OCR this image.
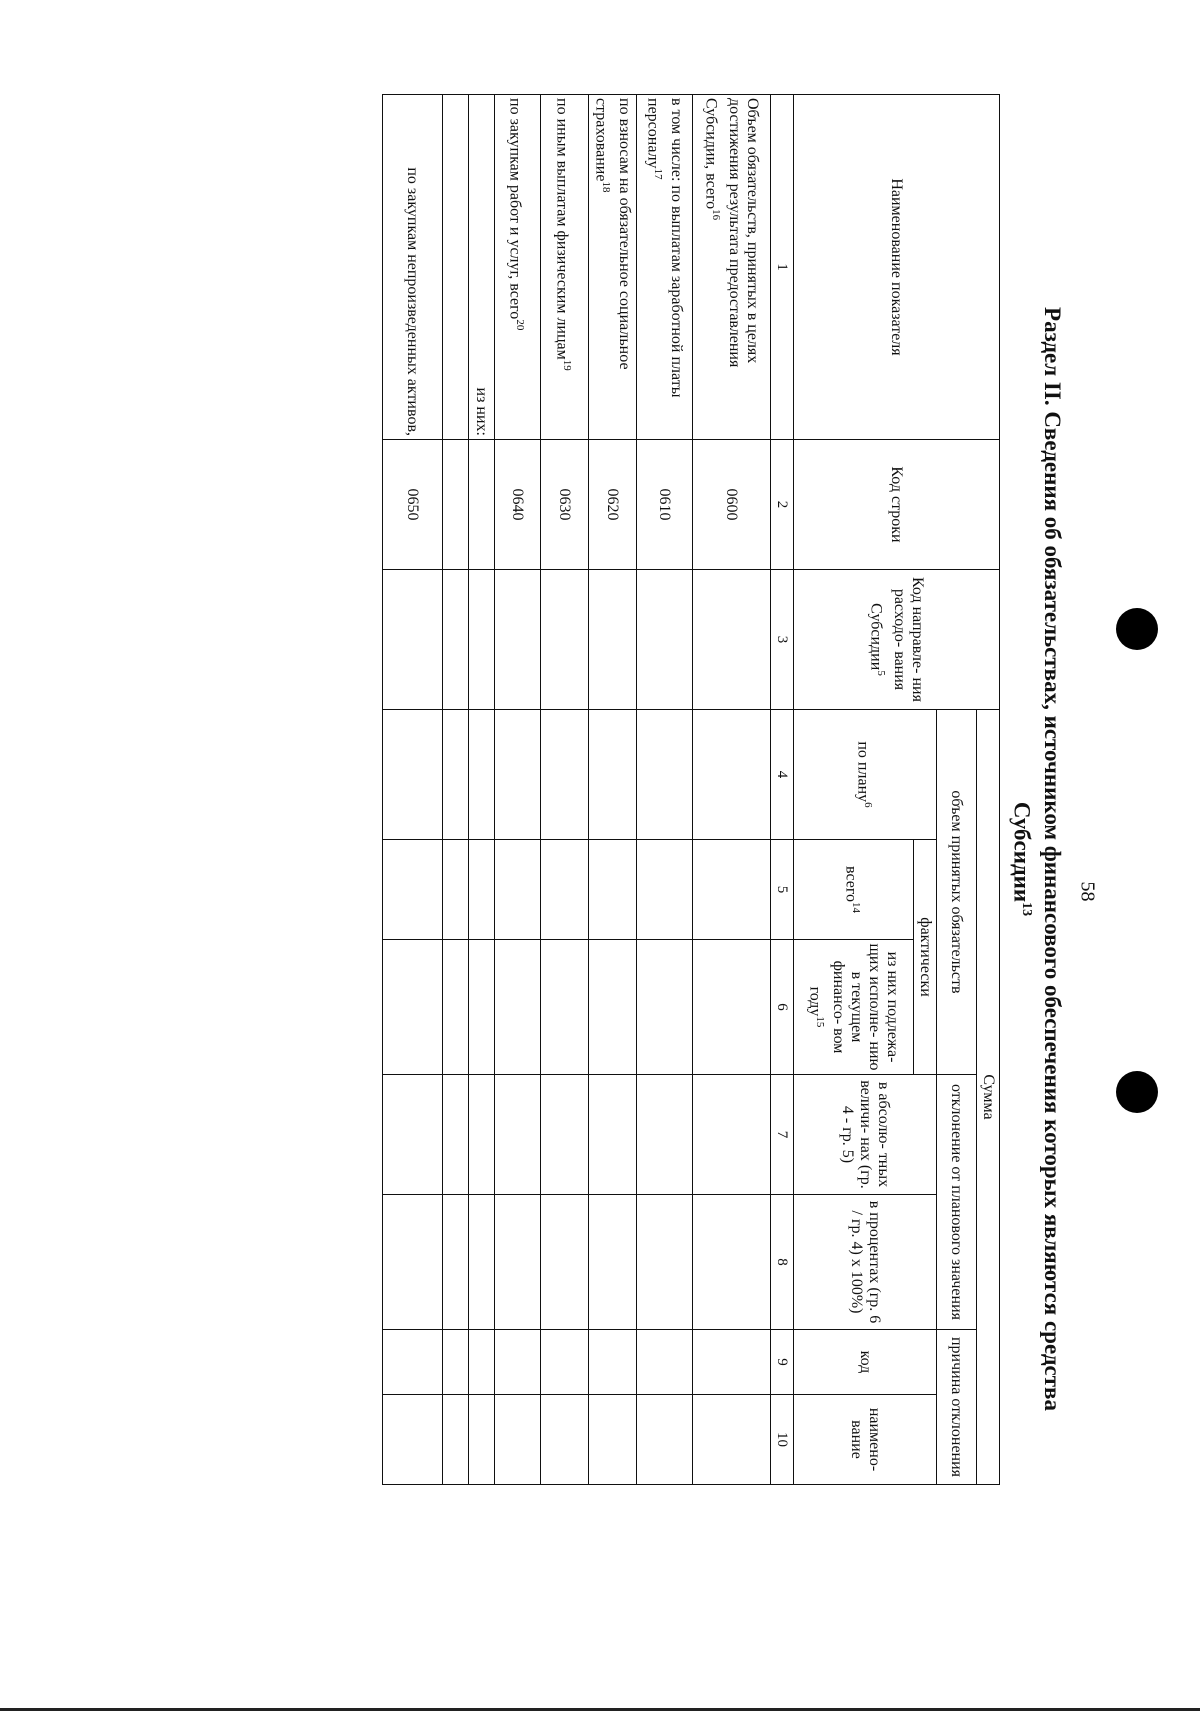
58
Раздел II. Сведения об обязательствах, источником финансового обеспечения которых являются средства
Субсидии$^{13}$
Наименование показателя	Код строки	Код направле- ния расходо- вания Субсидии$^5$	Сумма						
			объем принятых обязательств			отклонение от планового значения		причина отклонения	
			по плану$^6$	фактически		в абсолю- тных величи- нах (гр. 4 - гр. 5)	в процентах (гр. 6 / гр. 4) х 100%)	код	наимено- вание
				всего$^{14}$	из них подлежа- щих исполне- нию в текущем финансо- вом году$^{15}$
1	2	3	4	5	6	7	8	9	10
Объем обязательств, принятых в целях достижения результата предоставления Субсидии, всего$^{16}$	0600								
в том числе: по выплатам заработной платы персоналу$^{17}$	0610								
по взносам на обязательное социальное страхование$^{18}$	0620								
по иным выплатам физическим лицам$^{19}$	0630								
по закупкам работ и услуг, всего$^{20}$	0640								
из них:									

по закупкам непроизведенных активов,	0650								
